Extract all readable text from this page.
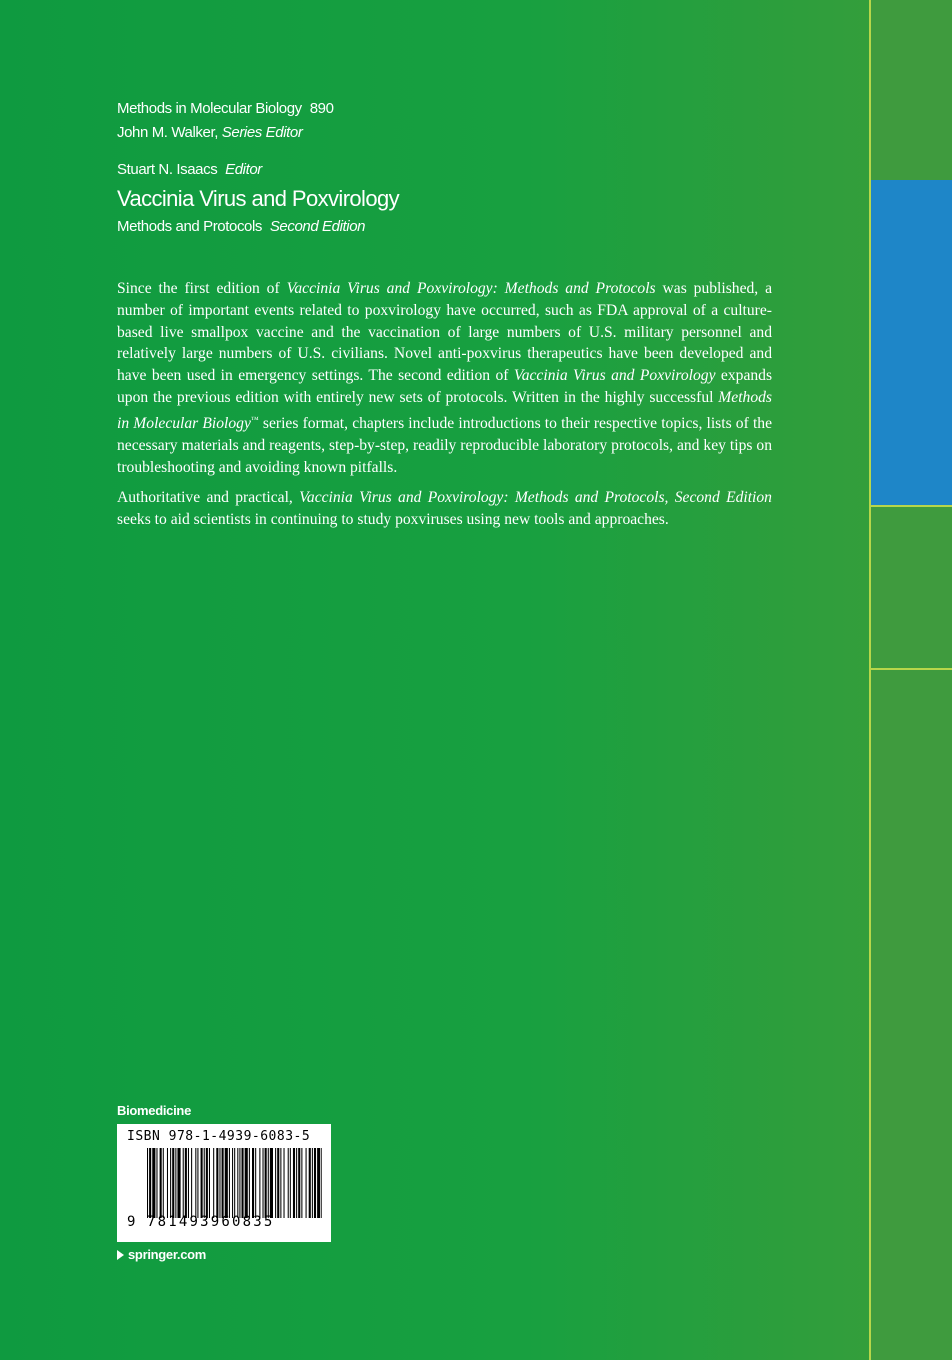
Methods in Molecular Biology 890
John M. Walker, Series Editor
Stuart N. Isaacs Editor
Vaccinia Virus and Poxvirology
Methods and Protocols Second Edition

Since the first edition of Vaccinia Virus and Poxvirology: Methods and Protocols was published, a number of important events related to poxvirology have occurred, such as FDA approval of a culture-based live smallpox vaccine and the vaccination of large numbers of U.S. military personnel and relatively large numbers of U.S. civilians. Novel anti-poxvirus therapeutics have been developed and have been used in emergency settings. The second edition of Vaccinia Virus and Poxvirology expands upon the previous edition with entirely new sets of protocols. Written in the highly successful Methods in Molecular Biology™ series format, chapters include introductions to their respective topics, lists of the necessary materials and reagents, step-by-step, readily reproducible laboratory protocols, and key tips on troubleshooting and avoiding known pitfalls.

Authoritative and practical, Vaccinia Virus and Poxvirology: Methods and Protocols, Second Edition seeks to aid scientists in continuing to study poxviruses using new tools and approaches.

Biomedicine
ISBN 978-1-4939-6083-5
9 781493960835
springer.com
